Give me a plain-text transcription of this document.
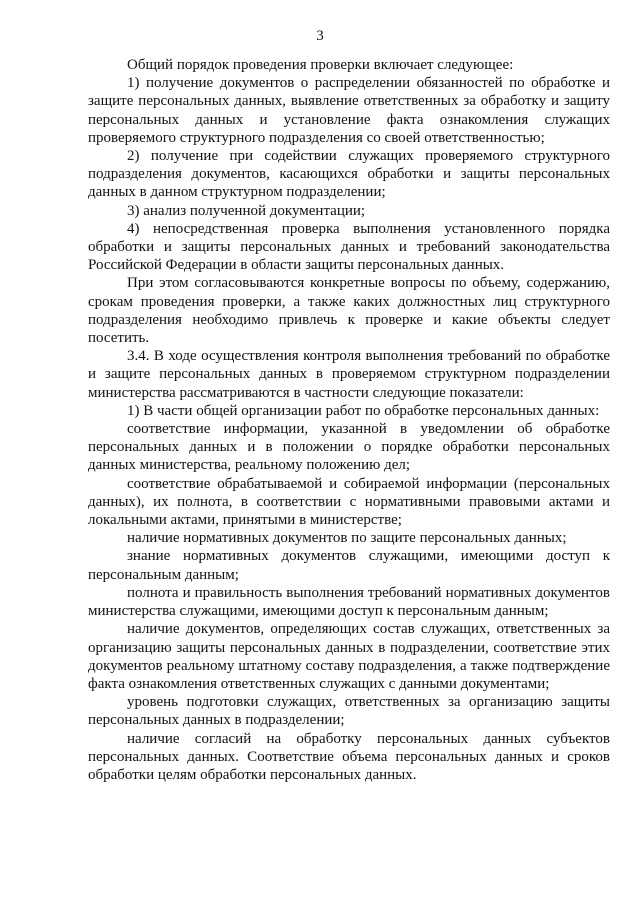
3

Общий порядок проведения проверки включает следующее:

1) получение документов о распределении обязанностей по обработке и защите персональных данных, выявление ответственных за обработку и защиту персональных данных и установление факта ознакомления служащих проверяемого структурного подразделения со своей ответственностью;

2) получение при содействии служащих проверяемого структурного подразделения документов, касающихся обработки и защиты персональных данных в данном структурном подразделении;

3) анализ полученной документации;

4) непосредственная проверка выполнения установленного порядка обработки и защиты персональных данных и требований законодательства Российской Федерации в области защиты персональных данных.

При этом согласовываются конкретные вопросы по объему, содержанию, срокам проведения проверки, а также каких должностных лиц структурного подразделения необходимо привлечь к проверке и какие объекты следует посетить.

3.4. В ходе осуществления контроля выполнения требований по обработке и защите персональных данных в проверяемом структурном подразделении министерства рассматриваются в частности следующие показатели:

1) В части общей организации работ по обработке персональных данных:

соответствие информации, указанной в уведомлении об обработке персональных данных и в положении о порядке обработки персональных данных министерства, реальному положению дел;

соответствие обрабатываемой и собираемой информации (персональных данных), их полнота, в соответствии с нормативными правовыми актами и локальными актами, принятыми в министерстве;

наличие нормативных документов по защите персональных данных;

знание нормативных документов служащими, имеющими доступ к персональным данным;

полнота и правильность выполнения требований нормативных документов министерства служащими, имеющими доступ к персональным данным;

наличие документов, определяющих состав служащих, ответственных за организацию защиты персональных данных в подразделении, соответствие этих документов реальному штатному составу подразделения, а также подтверждение факта ознакомления ответственных служащих с данными документами;

уровень подготовки служащих, ответственных за организацию защиты персональных данных в подразделении;

наличие согласий на обработку персональных данных субъектов персональных данных. Соответствие объема персональных данных и сроков обработки целям обработки персональных данных.
